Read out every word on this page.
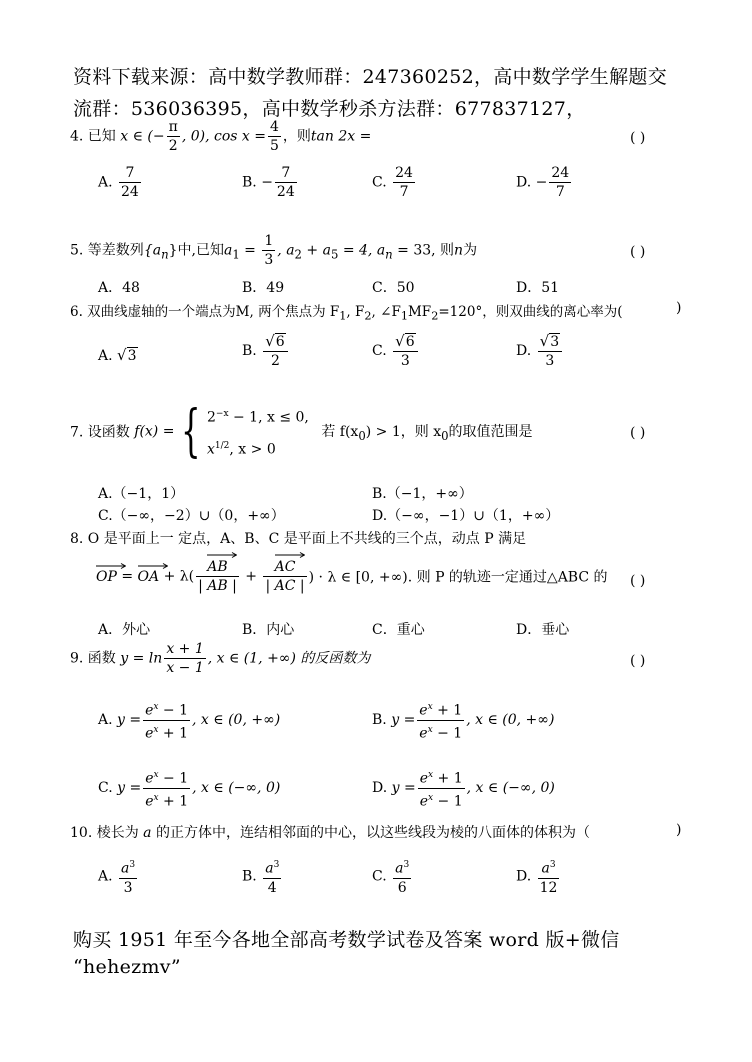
资料下载来源：高中数学教师群：247360252，高中数学学生解题交
流群：536036395，高中数学秒杀方法群：677837127，
4. 已知 x ∈ (− $\frac{\pi}{2}$ , 0), $\cos x = \frac{4}{5}$ ，则tan 2x =	( )
A. $\frac{7}{24}$	B. − $\frac{7}{24}$	C. $\frac{24}{7}$	D. − $\frac{24}{7}$
5. 等差数列$\{a_n\}$中,已知$a_1 = \frac{1}{3}$ , $a_2 + a_5 = 4$, $a_n = 33$, 则n为	( )
A．48	B．49	C．50	D．51
6. 双曲线虚轴的一个端点为M, 两个焦点为 $F_1$, $F_2$, $\angle F_1MF_2=120^\circ$，则双曲线的离心率为(	)
A. √3	B. $\frac{√6}{2}$	C. $\frac{√6}{3}$	D. $\frac{√3}{3}$
7. 设函数 f(x) = { $2^{-x} - 1$, x ≤ 0,
$x^{1/2}$, x > 0
若 $f(x_0) > 1$，则 $x_0$的取值范围是	( )
A.（−1，1）	B.（−1，+∞）
C.（−∞，−2）∪（0，+∞）	D.（−∞，−1）∪（1，+∞）
8. O 是平面上一 定点，A、B、C 是平面上不共线的三个点，动点 P 满足
OP
= OA
+ $\lambda( \frac{AB}{| AB |} + \frac{AC}{| AC |}$ ) · λ ∈ [0, +∞). 则 P 的轨迹一定通过△ABC 的 ( )
A．外心	B．内心	C．重心	D．垂心
9. 函数 $y = \ln \frac{x + 1}{x - 1}$ , x ∈ (1, +∞) 的反函数为	( )
A. $y = \frac{e^x - 1}{e^x + 1}$ , x ∈ (0, +∞)	B. $y = \frac{e^x + 1}{e^x - 1}$ , x ∈ (0, +∞)
C. $y = \frac{e^x - 1}{e^x + 1}$ , x ∈ (−∞, 0)	D. $y = \frac{e^x + 1}{e^x - 1}$ , x ∈ (−∞, 0)
10. 棱长为 a 的正方体中，连结相邻面的中心，以这些线段为棱的八面体的体积为（	)
A. $\frac{a^3}{3}$	B. $\frac{a^3}{4}$	C. $\frac{a^3}{6}$	D. $\frac{a^3}{12}$
购买 1951 年至今各地全部高考数学试卷及答案 word 版+微信
“hehezmv”
